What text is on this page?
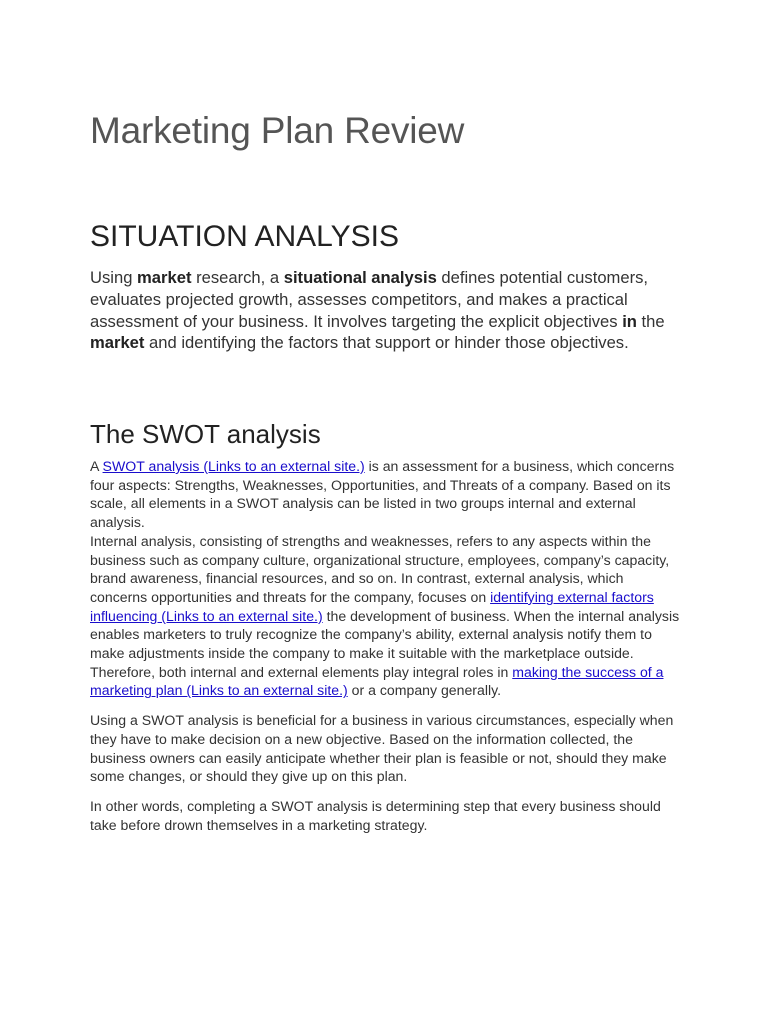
Marketing Plan Review
SITUATION ANALYSIS

Using market research, a situational analysis defines potential customers, evaluates projected growth, assesses competitors, and makes a practical assessment of your business. It involves targeting the explicit objectives in the market and identifying the factors that support or hinder those objectives.

The SWOT analysis

A SWOT analysis (Links to an external site.) is an assessment for a business, which concerns four aspects: Strengths, Weaknesses, Opportunities, and Threats of a company. Based on its scale, all elements in a SWOT analysis can be listed in two groups internal and external analysis.

Internal analysis, consisting of strengths and weaknesses, refers to any aspects within the business such as company culture, organizational structure, employees, company’s capacity, brand awareness, financial resources, and so on. In contrast, external analysis, which concerns opportunities and threats for the company, focuses on identifying external factors influencing (Links to an external site.) the development of business. When the internal analysis enables marketers to truly recognize the company’s ability, external analysis notify them to make adjustments inside the company to make it suitable with the marketplace outside. Therefore, both internal and external elements play integral roles in making the success of a marketing plan (Links to an external site.) or a company generally.

Using a SWOT analysis is beneficial for a business in various circumstances, especially when they have to make decision on a new objective. Based on the information collected, the business owners can easily anticipate whether their plan is feasible or not, should they make some changes, or should they give up on this plan.

In other words, completing a SWOT analysis is determining step that every business should take before drown themselves in a marketing strategy.
